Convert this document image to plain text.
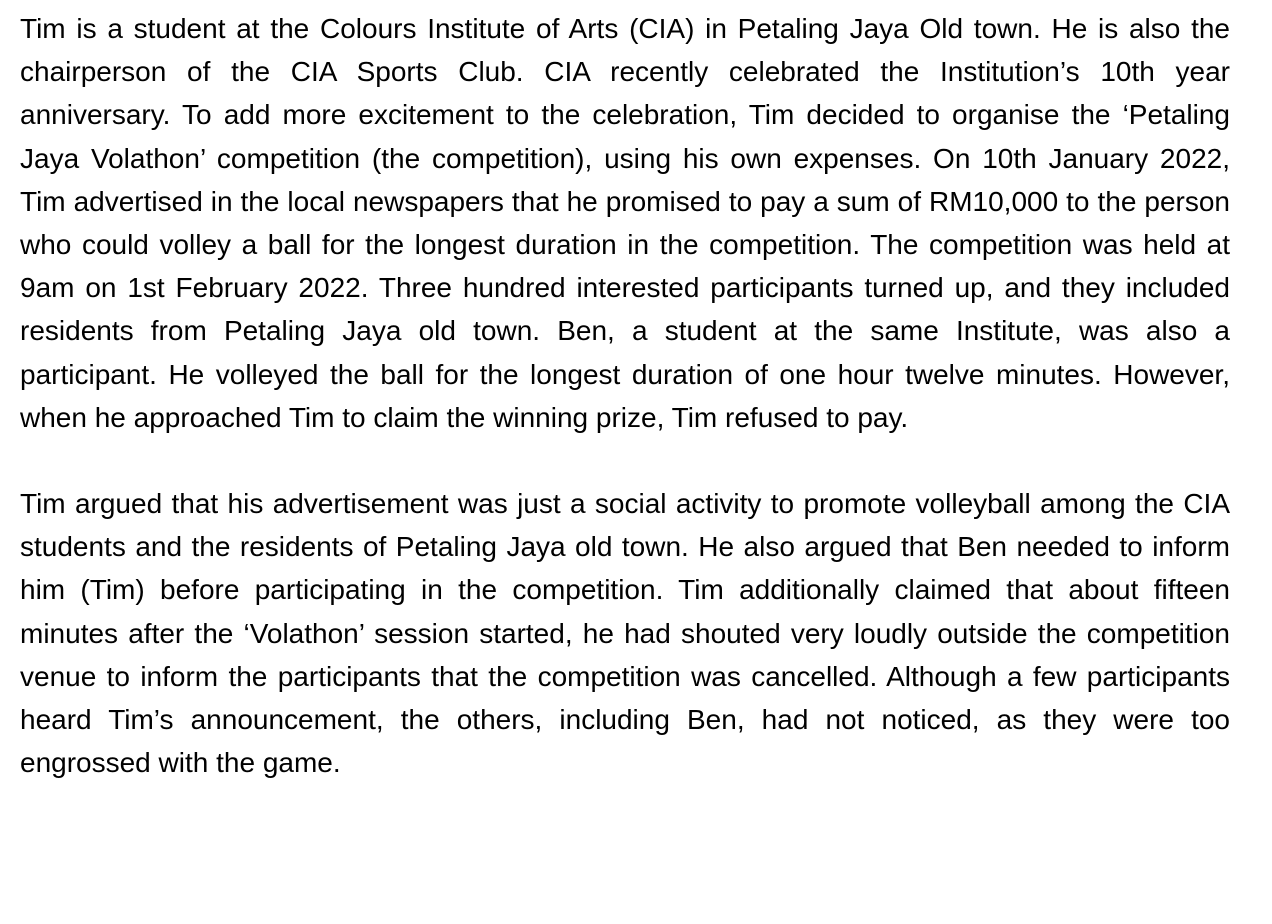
Tim is a student at the Colours Institute of Arts (CIA) in Petaling Jaya Old town. He is also the chairperson of the CIA Sports Club. CIA recently celebrated the Institution’s 10th year anniversary. To add more excitement to the celebration, Tim decided to organise the ‘Petaling Jaya Volathon’ competition (the competition), using his own expenses. On 10th January 2022, Tim advertised in the local newspapers that he promised to pay a sum of RM10,000 to the person who could volley a ball for the longest duration in the competition. The competition was held at 9am on 1st February 2022. Three hundred interested participants turned up, and they included residents from Petaling Jaya old town. Ben, a student at the same Institute, was also a participant. He volleyed the ball for the longest duration of one hour twelve minutes. However, when he approached Tim to claim the winning prize, Tim refused to pay.

Tim argued that his advertisement was just a social activity to promote volleyball among the CIA students and the residents of Petaling Jaya old town. He also argued that Ben needed to inform him (Tim) before participating in the competition. Tim additionally claimed that about fifteen minutes after the ‘Volathon’ session started, he had shouted very loudly outside the competition venue to inform the participants that the competition was cancelled. Although a few participants heard Tim’s announcement, the others, including Ben, had not noticed, as they were too engrossed with the game.
